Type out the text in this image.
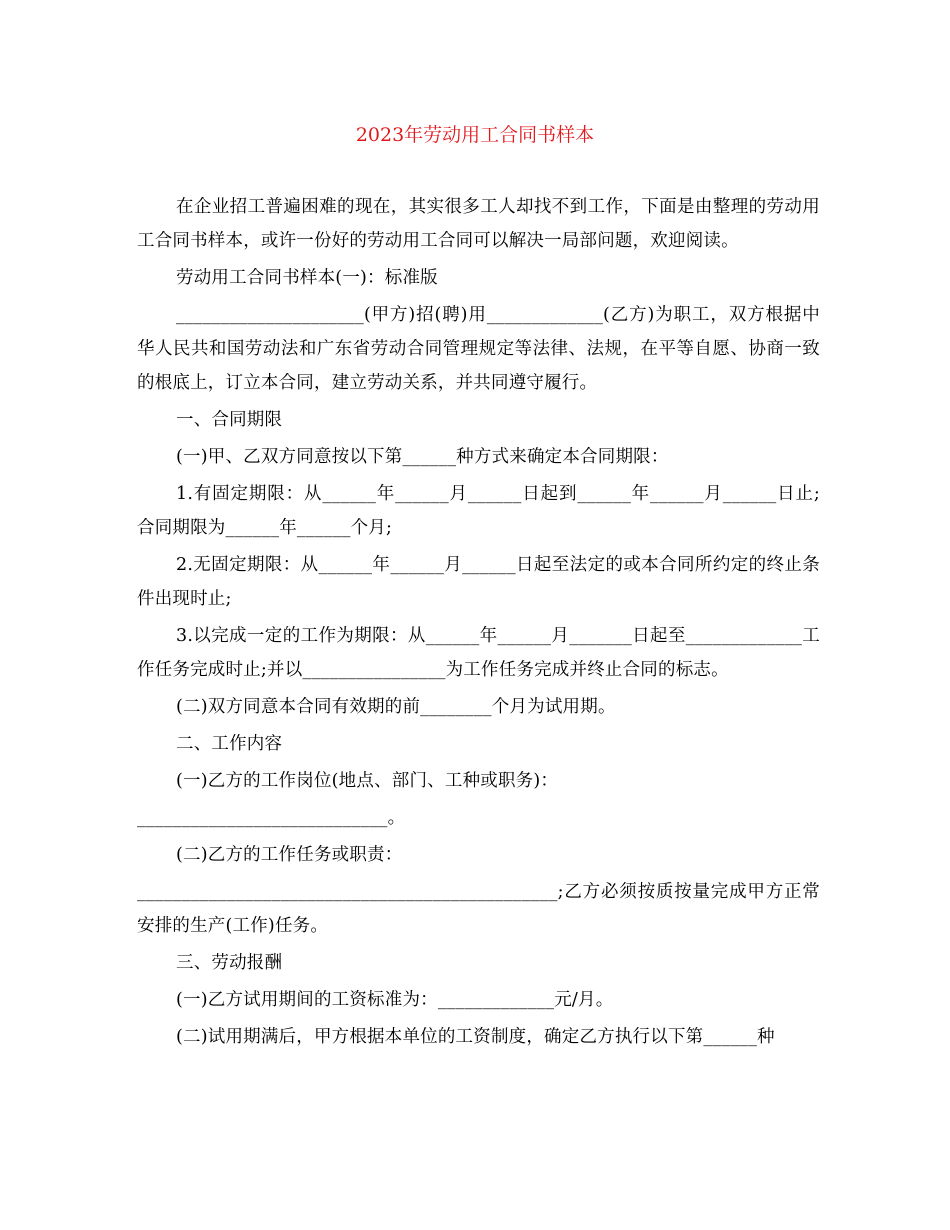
2023年劳动用工合同书样本

在企业招工普遍困难的现在，其实很多工人却找不到工作，下面是由整理的劳动用工合同书样本，或许一份好的劳动用工合同可以解决一局部问题，欢迎阅读。

劳动用工合同书样本(一)：标准版

_____________________(甲方)招(聘)用_____________(乙方)为职工，双方根据中华人民共和国劳动法和广东省劳动合同管理规定等法律、法规，在平等自愿、协商一致的根底上，订立本合同，建立劳动关系，并共同遵守履行。

一、合同期限

(一)甲、乙双方同意按以下第______种方式来确定本合同期限：

1.有固定期限：从______年______月______日起到______年______月______日止;合同期限为______年______个月;

2.无固定期限：从______年______月______日起至法定的或本合同所约定的终止条件出现时止;

3.以完成一定的工作为期限：从______年______月_______日起至_____________工作任务完成时止;并以________________为工作任务完成并终止合同的标志。

(二)双方同意本合同有效期的前________个月为试用期。

二、工作内容

(一)乙方的工作岗位(地点、部门、工种或职务)：

____________________________。

(二)乙方的工作任务或职责：

_______________________________________________;乙方必须按质按量完成甲方正常安排的生产(工作)任务。

三、劳动报酬

(一)乙方试用期间的工资标准为：_____________元/月。

(二)试用期满后，甲方根据本单位的工资制度，确定乙方执行以下第______种
